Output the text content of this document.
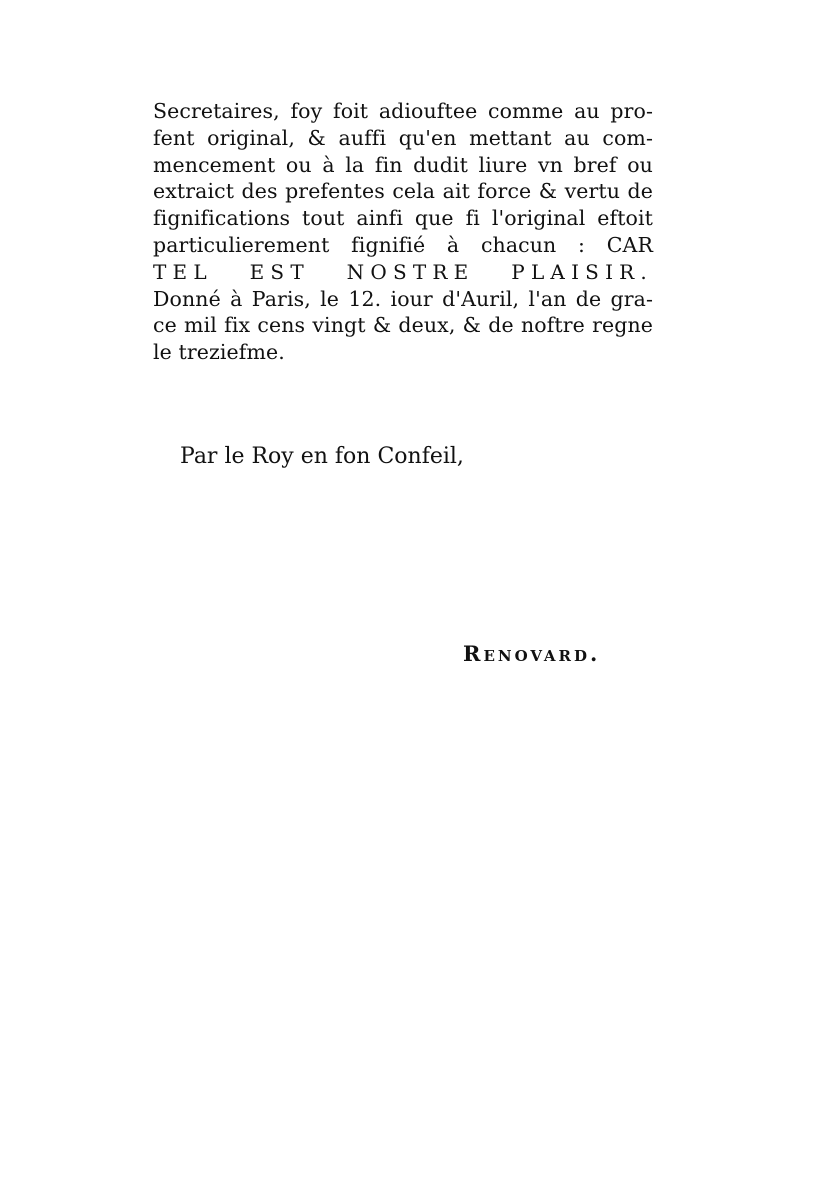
Secretaires, foy foit adiouftee comme au pro-
fent original, & auffi qu'en mettant au com-
mencement ou à la fin dudit liure vn bref ou
extraict des prefentes cela ait force & vertu de
fignifications tout ainfi que fi l'original eftoit
particulierement fignifié à chacun : CAR
TEL EST NOSTRE PLAISIR.
Donné à Paris, le 12. iour d'Auril, l'an de gra-
ce mil fix cens vingt & deux, & de noftre regne
le treziefme.
Par le Roy en fon Confeil,
Renovard.
